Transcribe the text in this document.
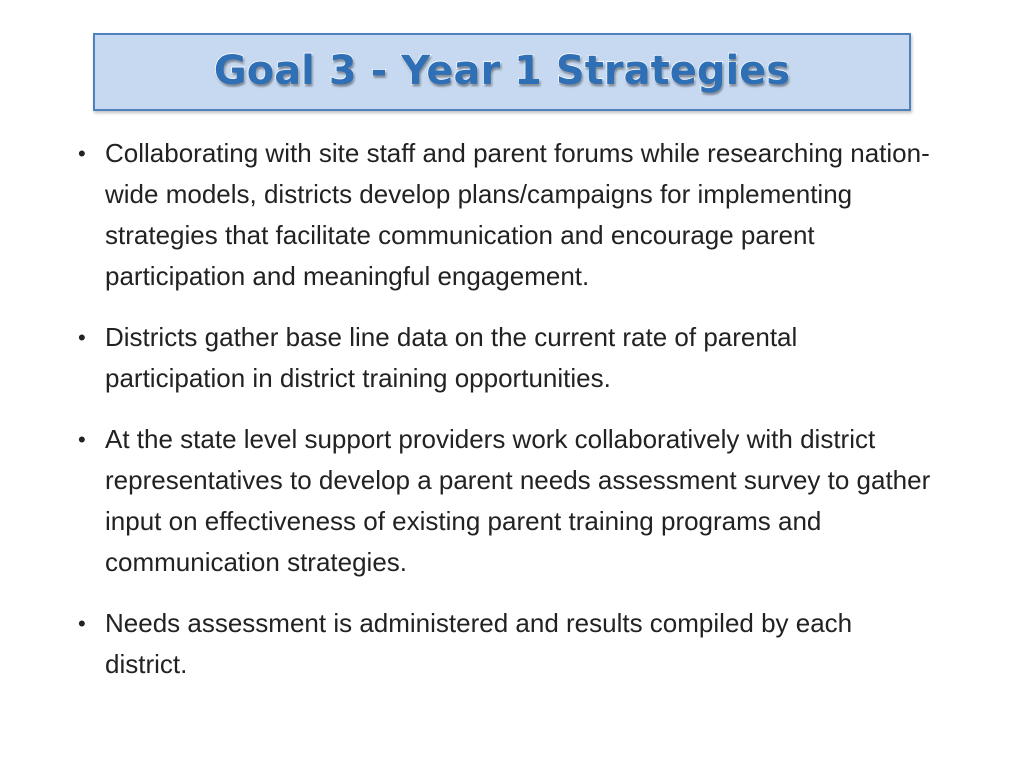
Goal 3 - Year 1 Strategies
• Collaborating with site staff and parent forums while researching nation-wide models, districts develop plans/campaigns for implementing strategies that facilitate communication and encourage parent participation and meaningful engagement.
• Districts gather base line data on the current rate of parental participation in district training opportunities.
• At the state level support providers work collaboratively with district representatives to develop a parent needs assessment survey to gather input on effectiveness of existing parent training programs and communication strategies.
• Needs assessment is administered and results compiled by each district.
